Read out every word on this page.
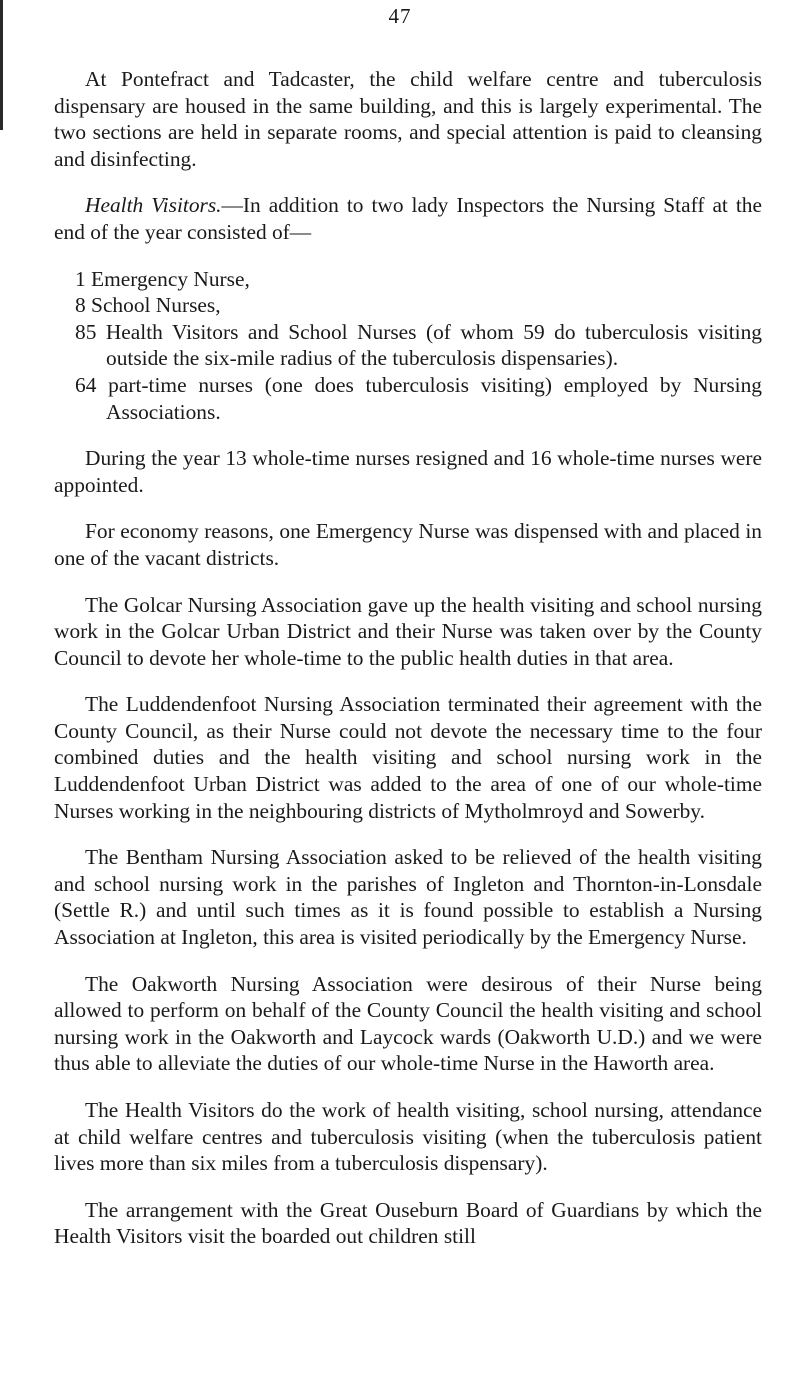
47

At Pontefract and Tadcaster, the child welfare centre and tuberculosis dispensary are housed in the same building, and this is largely experimental. The two sections are held in separate rooms, and special attention is paid to cleansing and disinfecting.

Health Visitors.—In addition to two lady Inspectors the Nursing Staff at the end of the year consisted of—

1 Emergency Nurse,
8 School Nurses,
85 Health Visitors and School Nurses (of whom 59 do tuberculosis visiting outside the six-mile radius of the tuberculosis dispensaries).
64 part-time nurses (one does tuberculosis visiting) employed by Nursing Associations.

During the year 13 whole-time nurses resigned and 16 whole-time nurses were appointed.

For economy reasons, one Emergency Nurse was dispensed with and placed in one of the vacant districts.

The Golcar Nursing Association gave up the health visiting and school nursing work in the Golcar Urban District and their Nurse was taken over by the County Council to devote her whole-time to the public health duties in that area.

The Luddendenfoot Nursing Association terminated their agreement with the County Council, as their Nurse could not devote the necessary time to the four combined duties and the health visiting and school nursing work in the Luddendenfoot Urban District was added to the area of one of our whole-time Nurses working in the neighbouring districts of Mytholmroyd and Sowerby.

The Bentham Nursing Association asked to be relieved of the health visiting and school nursing work in the parishes of Ingleton and Thornton-in-Lonsdale (Settle R.) and until such times as it is found possible to establish a Nursing Association at Ingleton, this area is visited periodically by the Emergency Nurse.

The Oakworth Nursing Association were desirous of their Nurse being allowed to perform on behalf of the County Council the health visiting and school nursing work in the Oakworth and Laycock wards (Oakworth U.D.) and we were thus able to alleviate the duties of our whole-time Nurse in the Haworth area.

The Health Visitors do the work of health visiting, school nursing, attendance at child welfare centres and tuberculosis visiting (when the tuberculosis patient lives more than six miles from a tuberculosis dispensary).

The arrangement with the Great Ouseburn Board of Guardians by which the Health Visitors visit the boarded out children still
